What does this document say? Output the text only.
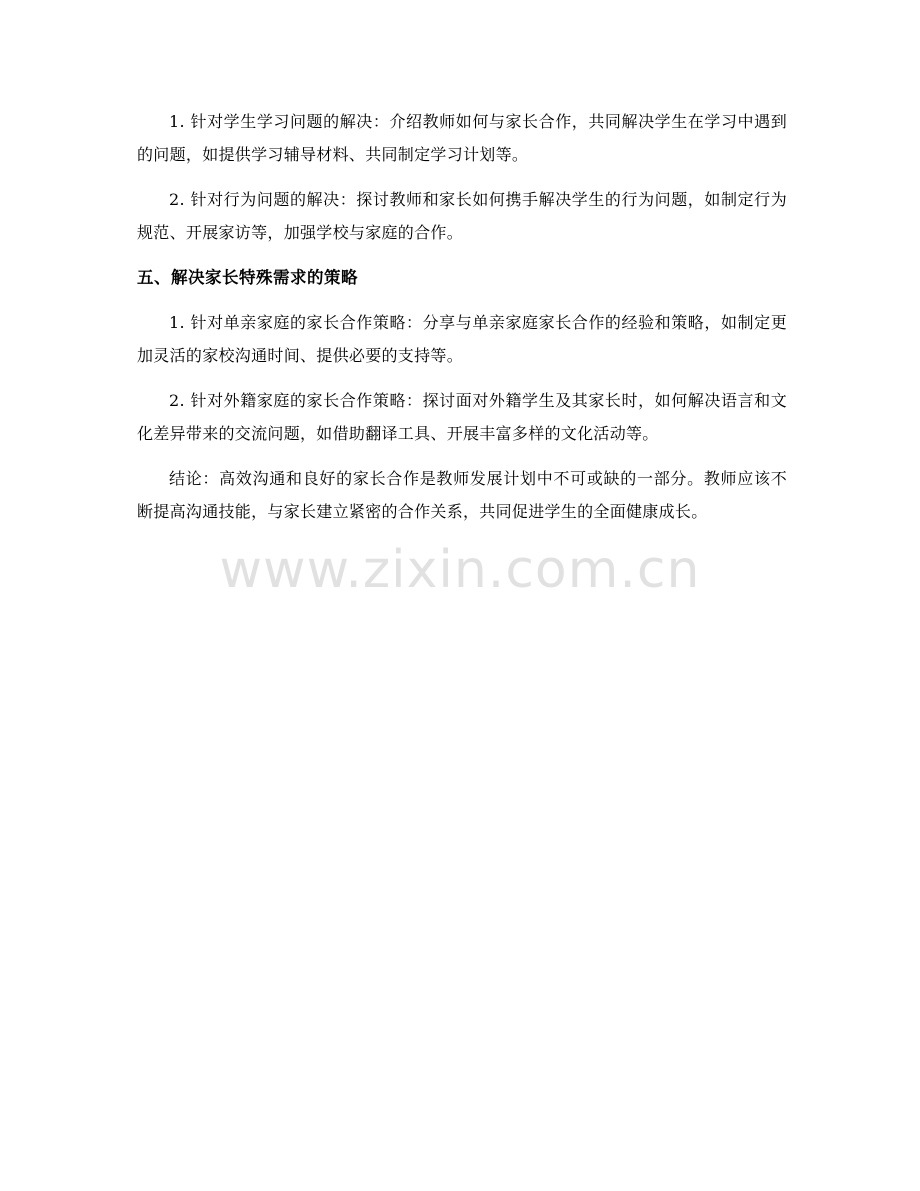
1. 针对学生学习问题的解决：介绍教师如何与家长合作，共同解决学生在学习中遇到的问题，如提供学习辅导材料、共同制定学习计划等。

2. 针对行为问题的解决：探讨教师和家长如何携手解决学生的行为问题，如制定行为规范、开展家访等，加强学校与家庭的合作。

五、解决家长特殊需求的策略

1. 针对单亲家庭的家长合作策略：分享与单亲家庭家长合作的经验和策略，如制定更加灵活的家校沟通时间、提供必要的支持等。

2. 针对外籍家庭的家长合作策略：探讨面对外籍学生及其家长时，如何解决语言和文化差异带来的交流问题，如借助翻译工具、开展丰富多样的文化活动等。

结论：高效沟通和良好的家长合作是教师发展计划中不可或缺的一部分。教师应该不断提高沟通技能，与家长建立紧密的合作关系，共同促进学生的全面健康成长。

www.zixin.com.cn
